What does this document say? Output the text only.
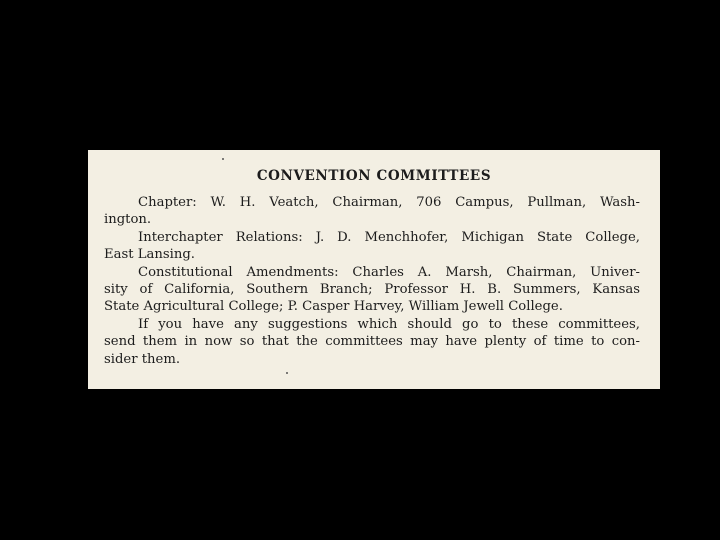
CONVENTION COMMITTEES
Chapter: W. H. Veatch, Chairman, 706 Campus, Pullman, Wash-
ington.
Interchapter Relations: J. D. Menchhofer, Michigan State College,
East Lansing.
Constitutional Amendments: Charles A. Marsh, Chairman, Univer-
sity of California, Southern Branch; Professor H. B. Summers, Kansas
State Agricultural College; P. Casper Harvey, William Jewell College.
If you have any suggestions which should go to these committees,
send them in now so that the committees may have plenty of time to con-
sider them.
